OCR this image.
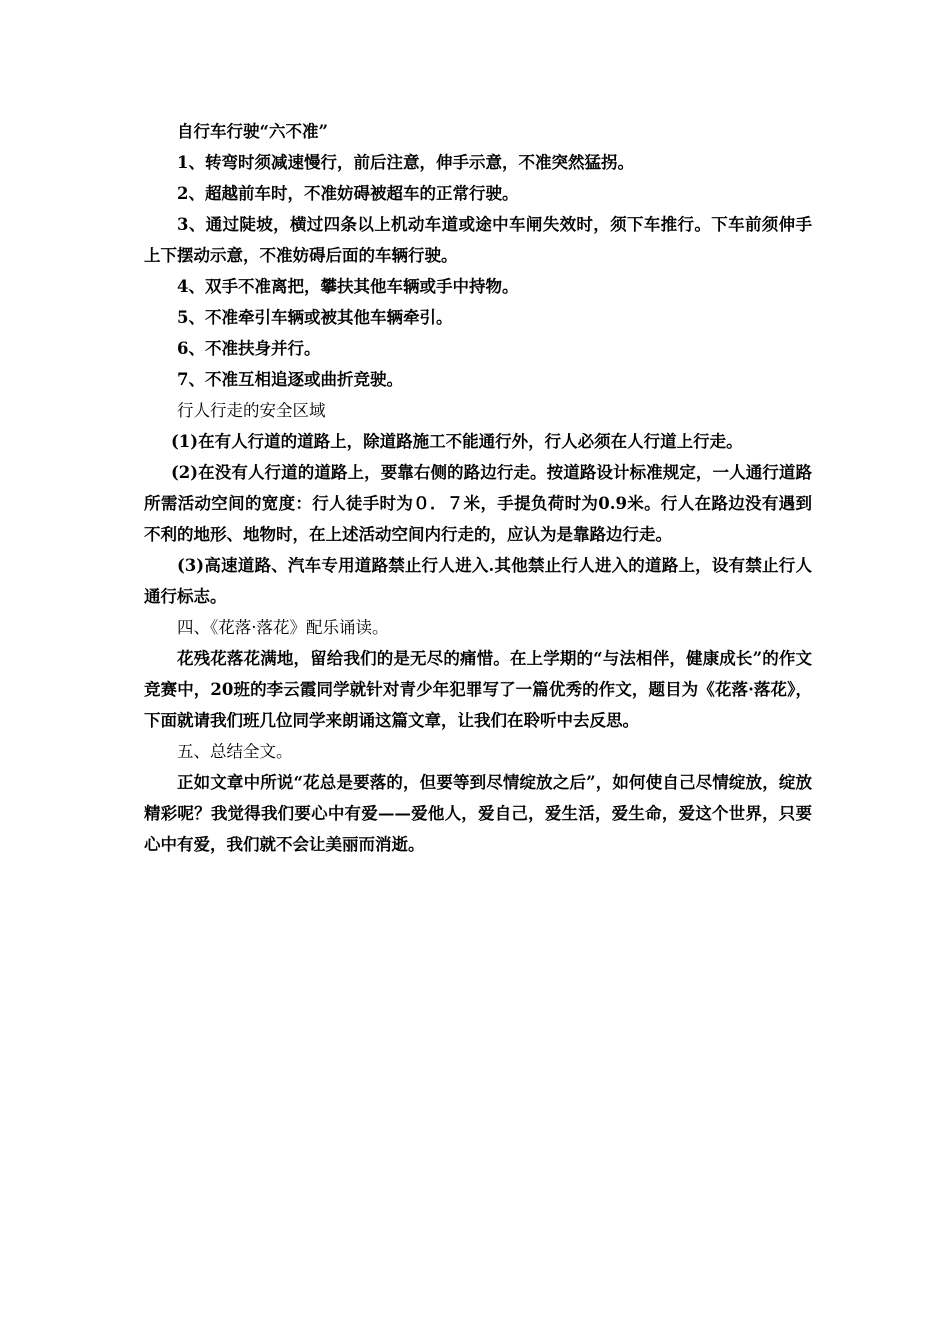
自行车行驶“六不准”

1、转弯时须减速慢行，前后注意，伸手示意，不准突然猛拐。

2、超越前车时，不准妨碍被超车的正常行驶。

3、通过陡坡，横过四条以上机动车道或途中车闸失效时，须下车推行。下车前须伸手上下摆动示意，不准妨碍后面的车辆行驶。

4、双手不准离把，攀扶其他车辆或手中持物。

5、不准牵引车辆或被其他车辆牵引。

6、不准扶身并行。

7、不准互相追逐或曲折竞驶。

行人行走的安全区域

(1)在有人行道的道路上，除道路施工不能通行外，行人必须在人行道上行走。

(2)在没有人行道的道路上，要靠右侧的路边行走。按道路设计标准规定，一人通行道路所需活动空间的宽度：行人徒手时为０．７米，手提负荷时为0.9米。行人在路边没有遇到不利的地形、地物时，在上述活动空间内行走的，应认为是靠路边行走。

(3)高速道路、汽车专用道路禁止行人进入.其他禁止行人进入的道路上，设有禁止行人通行标志。

四、《花落·落花》配乐诵读。

花残花落花满地，留给我们的是无尽的痛惜。在上学期的“与法相伴，健康成长”的作文竞赛中，20班的李云霞同学就针对青少年犯罪写了一篇优秀的作文，题目为《花落·落花》，下面就请我们班几位同学来朗诵这篇文章，让我们在聆听中去反思。

五、总结全文。

正如文章中所说“花总是要落的，但要等到尽情绽放之后”，如何使自己尽情绽放，绽放精彩呢？我觉得我们要心中有爱——爱他人，爱自己，爱生活，爱生命，爱这个世界，只要心中有爱，我们就不会让美丽而消逝。
